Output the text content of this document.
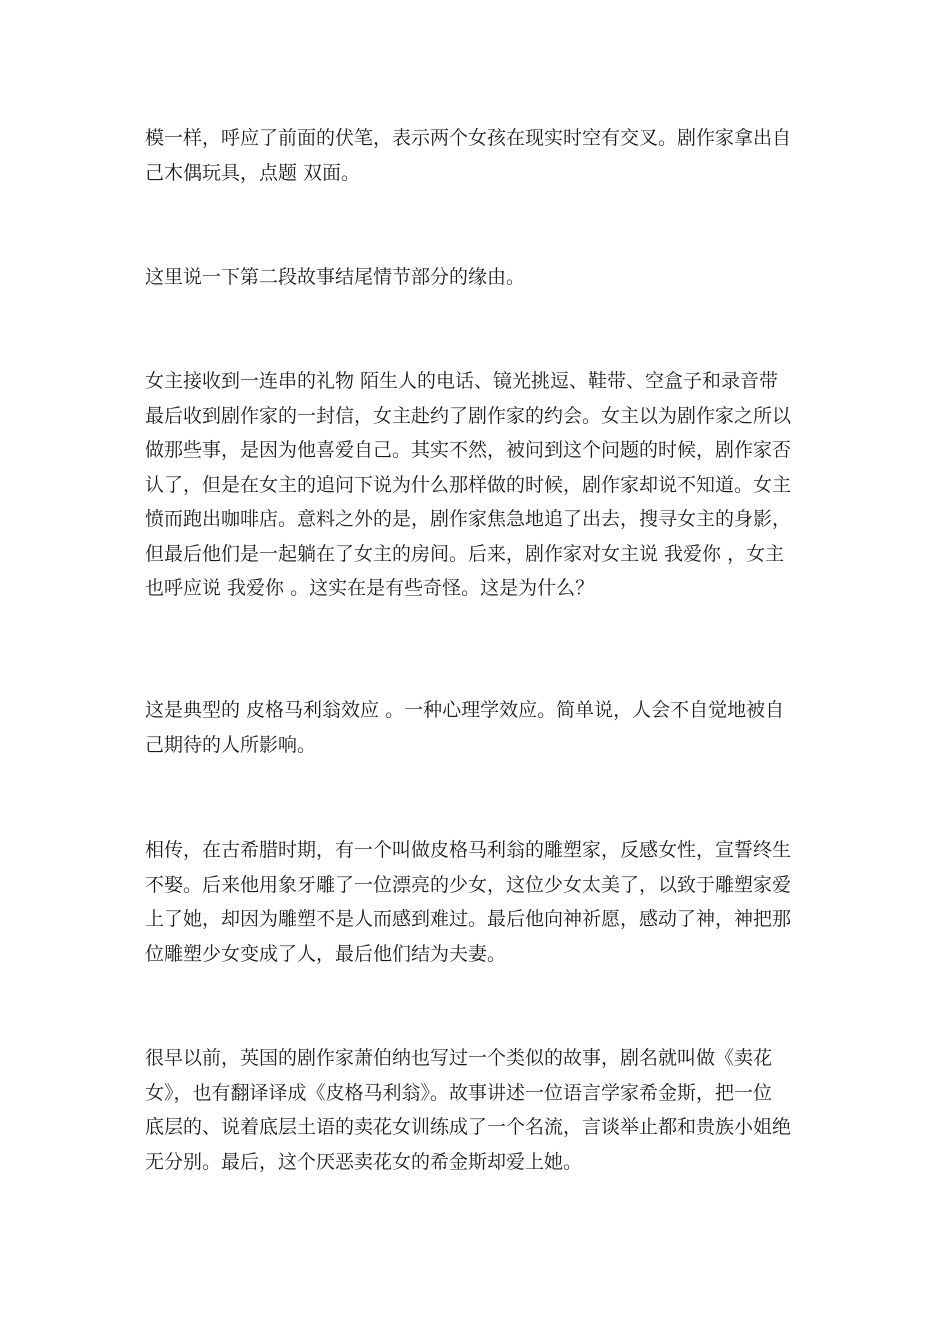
模一样，呼应了前面的伏笔，表示两个女孩在现实时空有交叉。剧作家拿出自
己木偶玩具，点题 双面。

这里说一下第二段故事结尾情节部分的缘由。

女主接收到一连串的礼物 陌生人的电话、镜光挑逗、鞋带、空盒子和录音带
最后收到剧作家的一封信，女主赴约了剧作家的约会。女主以为剧作家之所以
做那些事，是因为他喜爱自己。其实不然，被问到这个问题的时候，剧作家否
认了，但是在女主的追问下说为什么那样做的时候，剧作家却说不知道。女主
愤而跑出咖啡店。意料之外的是，剧作家焦急地追了出去，搜寻女主的身影，
但最后他们是一起躺在了女主的房间。后来，剧作家对女主说 我爱你 ，女主
也呼应说 我爱你 。这实在是有些奇怪。这是为什么？

这是典型的 皮格马利翁效应 。一种心理学效应。简单说，人会不自觉地被自
己期待的人所影响。

相传，在古希腊时期，有一个叫做皮格马利翁的雕塑家，反感女性，宣誓终生
不娶。后来他用象牙雕了一位漂亮的少女，这位少女太美了，以致于雕塑家爱
上了她，却因为雕塑不是人而感到难过。最后他向神祈愿，感动了神，神把那
位雕塑少女变成了人，最后他们结为夫妻。

很早以前，英国的剧作家萧伯纳也写过一个类似的故事，剧名就叫做《卖花
女》，也有翻译译成《皮格马利翁》。故事讲述一位语言学家希金斯，把一位
底层的、说着底层土语的卖花女训练成了一个名流，言谈举止都和贵族小姐绝
无分别。最后，这个厌恶卖花女的希金斯却爱上她。
